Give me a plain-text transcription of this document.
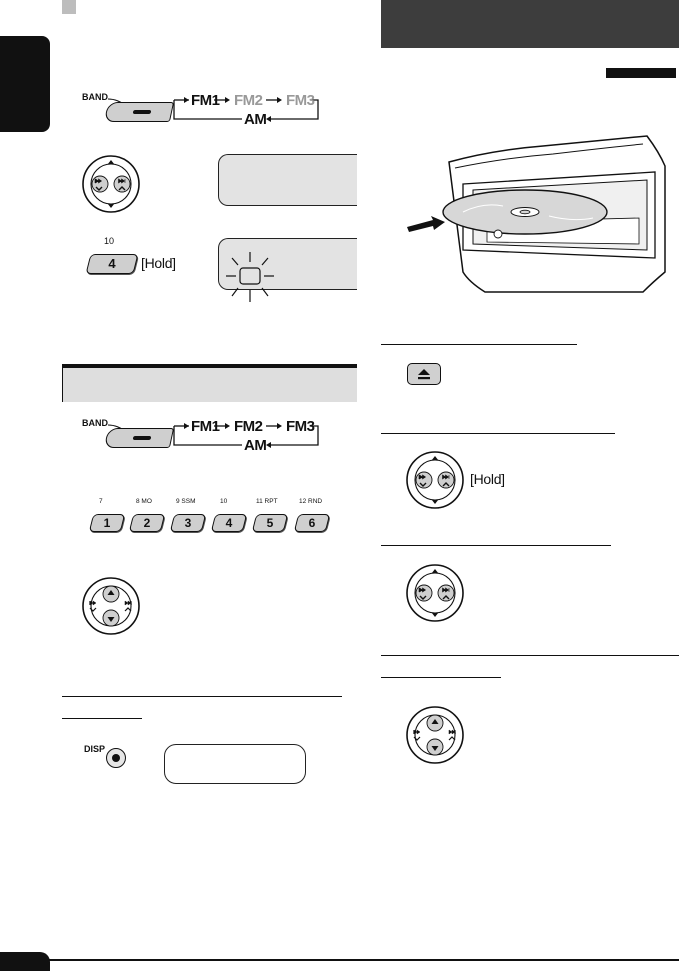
BAND	FM1 FM2 FM3
AM
10
4	[Hold]
BAND	FM1 FM2 FM3
AM
7	8 MO	9 SSM	10	11 RPT	12 RND
1	2	3	4	5	6
DISP
[Hold]
